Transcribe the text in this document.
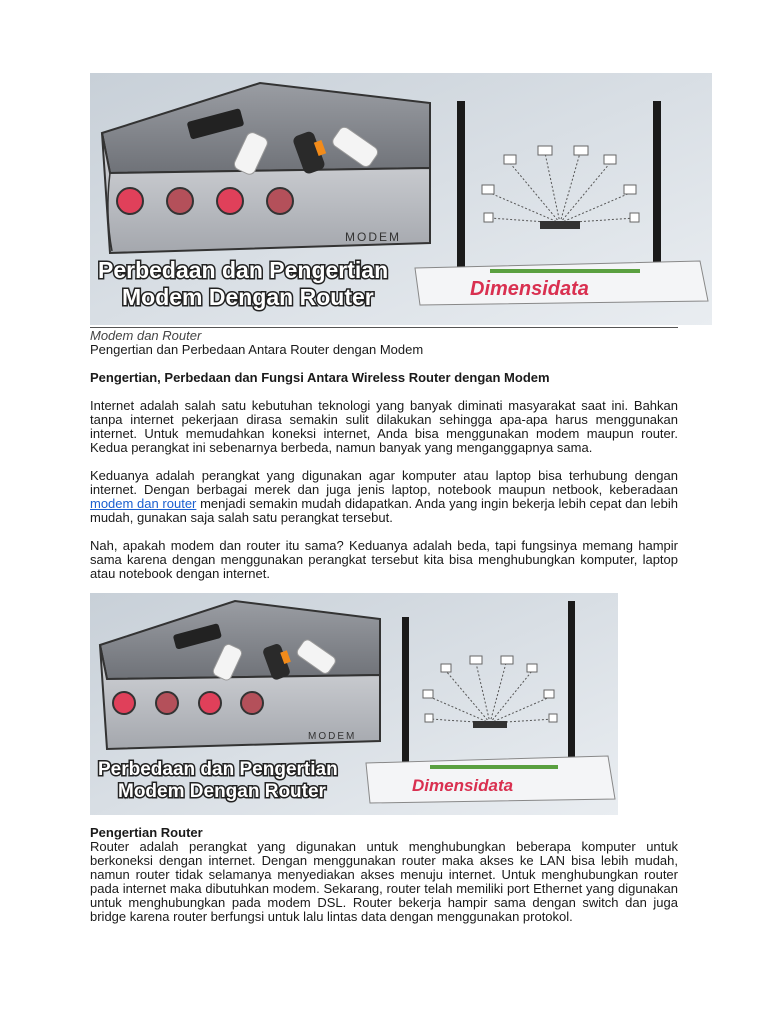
MODEM
Dimensidata
Perbedaan dan Pengertian
Modem Dengan Router
Modem dan Router
Pengertian dan Perbedaan Antara Router dengan Modem
Pengertian, Perbedaan dan Fungsi Antara Wireless Router dengan Modem
Internet adalah salah satu kebutuhan teknologi yang banyak diminati masyarakat saat ini. Bahkan tanpa internet pekerjaan dirasa semakin sulit dilakukan sehingga apa-apa harus menggunakan internet. Untuk memudahkan koneksi internet, Anda bisa menggunakan modem maupun router. Kedua perangkat ini sebenarnya berbeda, namun banyak yang menganggapnya sama.
Keduanya adalah perangkat yang digunakan agar komputer atau laptop bisa terhubung dengan internet. Dengan berbagai merek dan juga jenis laptop, notebook maupun netbook, keberadaan modem dan router menjadi semakin mudah didapatkan. Anda yang ingin bekerja lebih cepat dan lebih mudah, gunakan saja salah satu perangkat tersebut.
Nah, apakah modem dan router itu sama? Keduanya adalah beda, tapi fungsinya memang hampir sama karena dengan menggunakan perangkat tersebut kita bisa menghubungkan komputer, laptop atau notebook dengan internet.
MODEM
Dimensidata
Perbedaan dan Pengertian
Modem Dengan Router
Pengertian Router
Router adalah perangkat yang digunakan untuk menghubungkan beberapa komputer untuk berkoneksi dengan internet. Dengan menggunakan router maka akses ke LAN bisa lebih mudah, namun router tidak selamanya menyediakan akses menuju internet. Untuk menghubungkan router pada internet maka dibutuhkan modem. Sekarang, router telah memiliki port Ethernet yang digunakan untuk menghubungkan pada modem DSL. Router bekerja hampir sama dengan switch dan juga bridge karena router berfungsi untuk lalu lintas data dengan menggunakan protokol.
